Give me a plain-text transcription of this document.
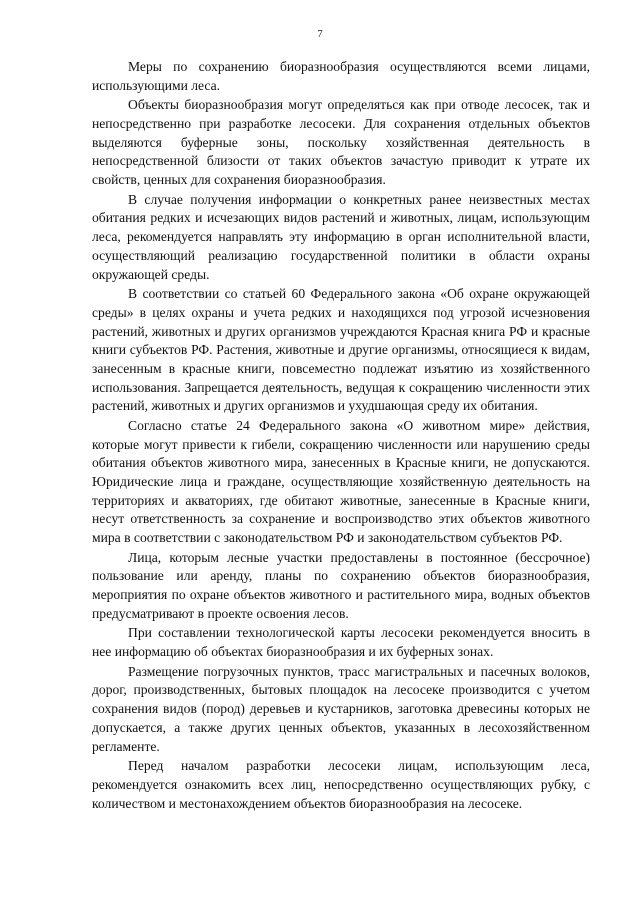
7

Меры по сохранению биоразнообразия осуществляются всеми лицами, использующими леса.

Объекты биоразнообразия могут определяться как при отводе лесосек, так и непосредственно при разработке лесосеки. Для сохранения отдельных объектов выделяются буферные зоны, поскольку хозяйственная деятельность в непосредственной близости от таких объектов зачастую приводит к утрате их свойств, ценных для сохранения биоразнообразия.

В случае получения информации о конкретных ранее неизвестных местах обитания редких и исчезающих видов растений и животных, лицам, использующим леса, рекомендуется направлять эту информацию в орган исполнительной власти, осуществляющий реализацию государственной политики в области охраны окружающей среды.

В соответствии со статьей 60 Федерального закона «Об охране окружающей среды» в целях охраны и учета редких и находящихся под угрозой исчезновения растений, животных и других организмов учреждаются Красная книга РФ и красные книги субъектов РФ. Растения, животные и другие организмы, относящиеся к видам, занесенным в красные книги, повсеместно подлежат изъятию из хозяйственного использования. Запрещается деятельность, ведущая к сокращению численности этих растений, животных и других организмов и ухудшающая среду их обитания.

Согласно статье 24 Федерального закона «О животном мире» действия, которые могут привести к гибели, сокращению численности или нарушению среды обитания объектов животного мира, занесенных в Красные книги, не допускаются. Юридические лица и граждане, осуществляющие хозяйственную деятельность на территориях и акваториях, где обитают животные, занесенные в Красные книги, несут ответственность за сохранение и воспроизводство этих объектов животного мира в соответствии с законодательством РФ и законодательством субъектов РФ.

Лица, которым лесные участки предоставлены в постоянное (бессрочное) пользование или аренду, планы по сохранению объектов биоразнообразия, мероприятия по охране объектов животного и растительного мира, водных объектов предусматривают в проекте освоения лесов.

При составлении технологической карты лесосеки рекомендуется вносить в нее информацию об объектах биоразнообразия и их буферных зонах.

Размещение погрузочных пунктов, трасс магистральных и пасечных волоков, дорог, производственных, бытовых площадок на лесосеке производится с учетом сохранения видов (пород) деревьев и кустарников, заготовка древесины которых не допускается, а также других ценных объектов, указанных в лесохозяйственном регламенте.

Перед началом разработки лесосеки лицам, использующим леса, рекомендуется ознакомить всех лиц, непосредственно осуществляющих рубку, с количеством и местонахождением объектов биоразнообразия на лесосеке.
